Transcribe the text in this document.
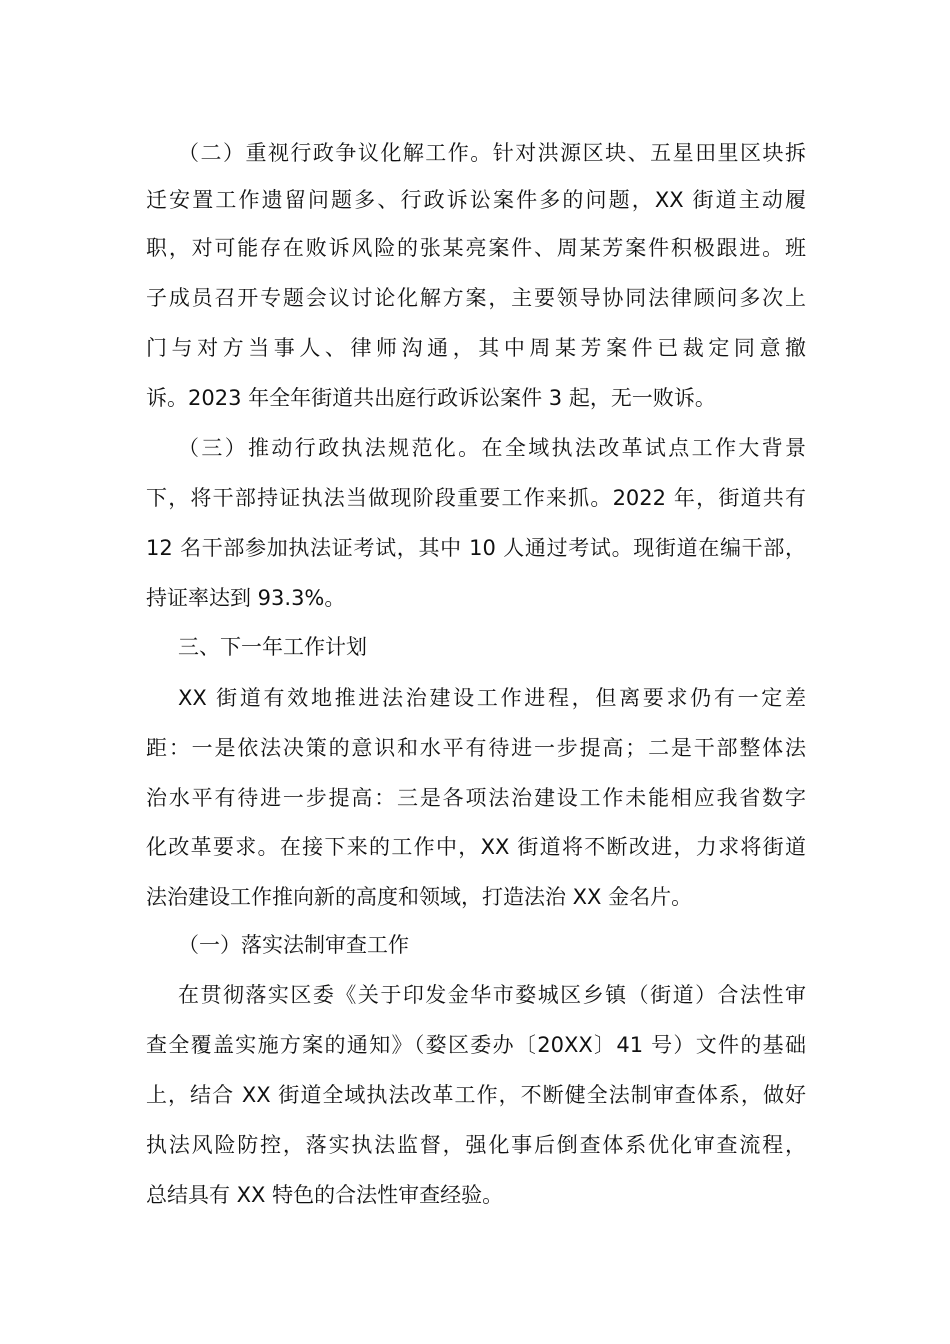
（二）重视行政争议化解工作。针对洪源区块、五星田里区块拆
迁安置工作遗留问题多、行政诉讼案件多的问题，XX 街道主动履
职，对可能存在败诉风险的张某亮案件、周某芳案件积极跟进。班
子成员召开专题会议讨论化解方案，主要领导协同法律顾问多次上
门与对方当事人、律师沟通，其中周某芳案件已裁定同意撤
诉。2023 年全年街道共出庭行政诉讼案件 3 起，无一败诉。
（三）推动行政执法规范化。在全域执法改革试点工作大背景
下，将干部持证执法当做现阶段重要工作来抓。2022 年，街道共有
12 名干部参加执法证考试，其中 10 人通过考试。现街道在编干部，
持证率达到 93.3%。
三、下一年工作计划
XX 街道有效地推进法治建设工作进程，但离要求仍有一定差
距：一是依法决策的意识和水平有待进一步提高；二是干部整体法
治水平有待进一步提高：三是各项法治建设工作未能相应我省数字
化改革要求。在接下来的工作中，XX 街道将不断改进，力求将街道
法治建设工作推向新的高度和领域，打造法治 XX 金名片。
（一）落实法制审查工作
在贯彻落实区委《关于印发金华市婺城区乡镇（街道）合法性审
查全覆盖实施方案的通知》（婺区委办〔20XX〕41 号）文件的基础
上，结合 XX 街道全域执法改革工作，不断健全法制审查体系，做好
执法风险防控，落实执法监督，强化事后倒查体系优化审查流程，
总结具有 XX 特色的合法性审查经验。
